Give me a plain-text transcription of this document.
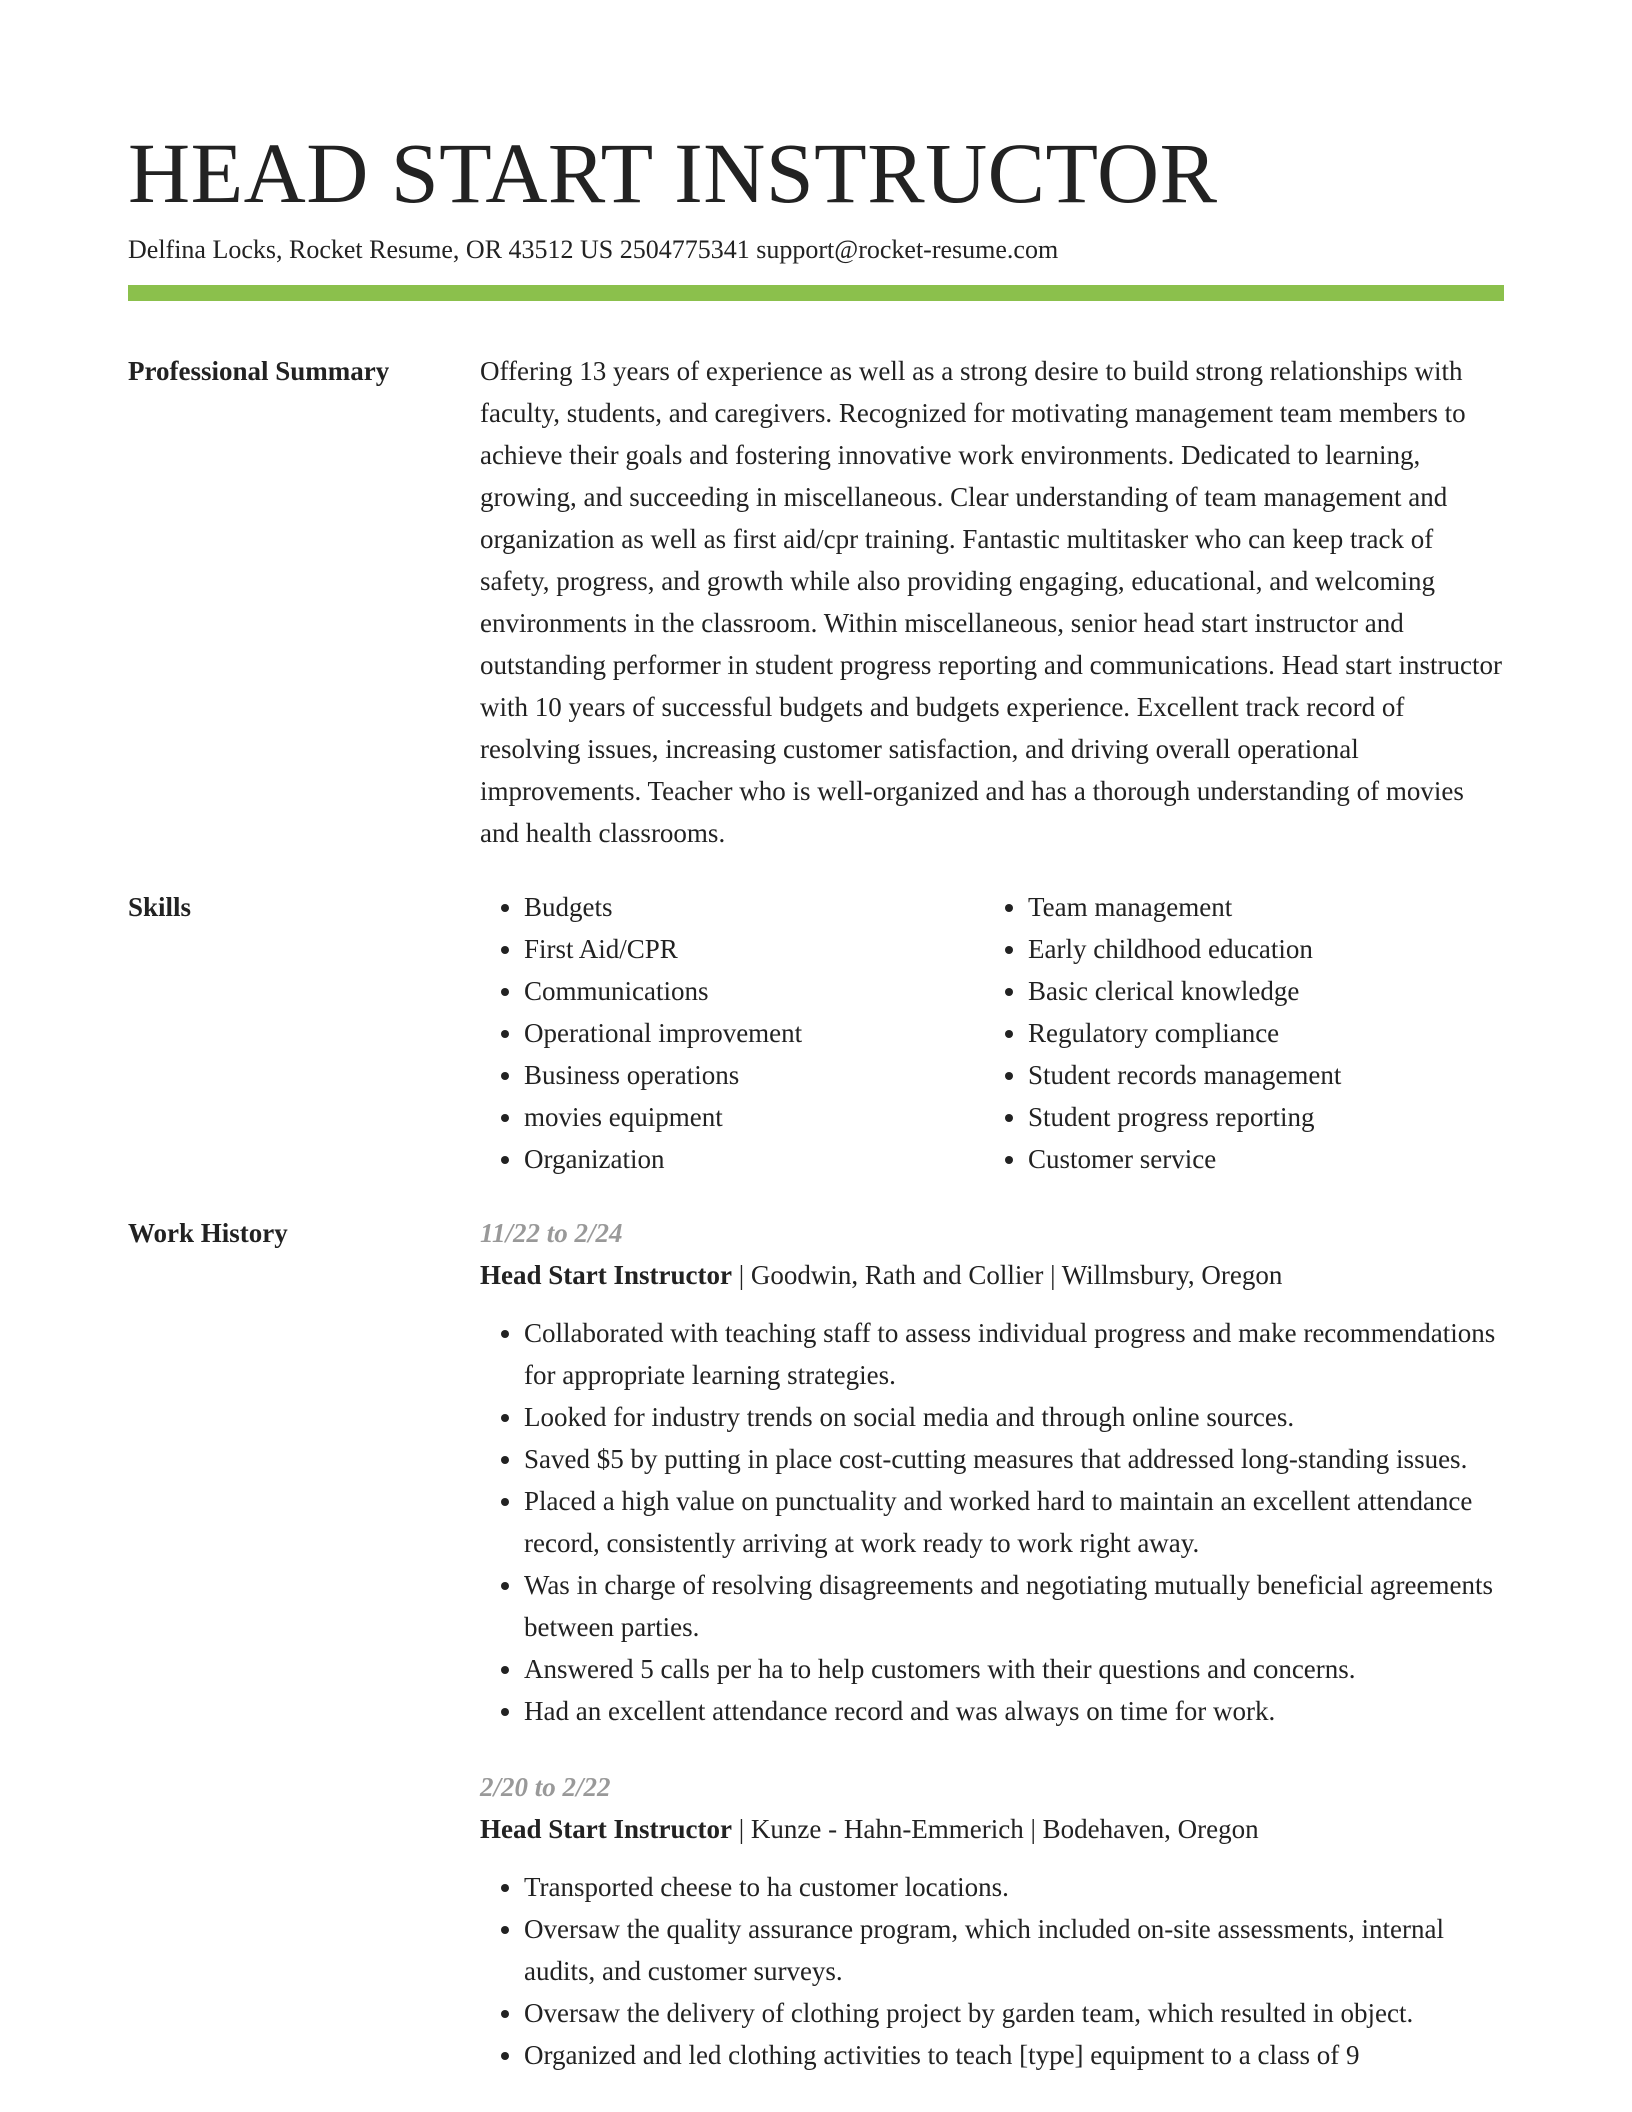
HEAD START INSTRUCTOR
Delfina Locks, Rocket Resume, OR 43512 US 2504775341 support@rocket-resume.com
Professional Summary	Offering 13 years of experience as well as a strong desire to build strong relationships with faculty, students, and caregivers. Recognized for motivating management team members to achieve their goals and fostering innovative work environments. Dedicated to learning, growing, and succeeding in miscellaneous. Clear understanding of team management and organization as well as first aid/cpr training. Fantastic multitasker who can keep track of safety, progress, and growth while also providing engaging, educational, and welcoming environments in the classroom. Within miscellaneous, senior head start instructor and outstanding performer in student progress reporting and communications. Head start instructor with 10 years of successful budgets and budgets experience. Excellent track record of resolving issues, increasing customer satisfaction, and driving overall operational improvements. Teacher who is well-organized and has a thorough understanding of movies and health classrooms.
Skills
•	Budgets
• First Aid/CPR
• Communications
• Operational improvement
• Business operations
• movies equipment
• Organization
• Team management
• Early childhood education
• Basic clerical knowledge
• Regulatory compliance
• Student records management
• Student progress reporting
• Customer service
Work History	11/22 to 2/24
Head Start Instructor | Goodwin, Rath and Collier | Willmsbury, Oregon
• Collaborated with teaching staff to assess individual progress and make recommendations for appropriate learning strategies.
• Looked for industry trends on social media and through online sources.
• Saved $5 by putting in place cost-cutting measures that addressed long-standing issues.
• Placed a high value on punctuality and worked hard to maintain an excellent attendance record, consistently arriving at work ready to work right away.
• Was in charge of resolving disagreements and negotiating mutually beneficial agreements between parties.
• Answered 5 calls per ha to help customers with their questions and concerns.
• Had an excellent attendance record and was always on time for work.
2/20 to 2/22
Head Start Instructor | Kunze - Hahn-Emmerich | Bodehaven, Oregon
• Transported cheese to ha customer locations.
• Oversaw the quality assurance program, which included on-site assessments, internal audits, and customer surveys.
• Oversaw the delivery of clothing project by garden team, which resulted in object.
• Organized and led clothing activities to teach [type] equipment to a class of 9
